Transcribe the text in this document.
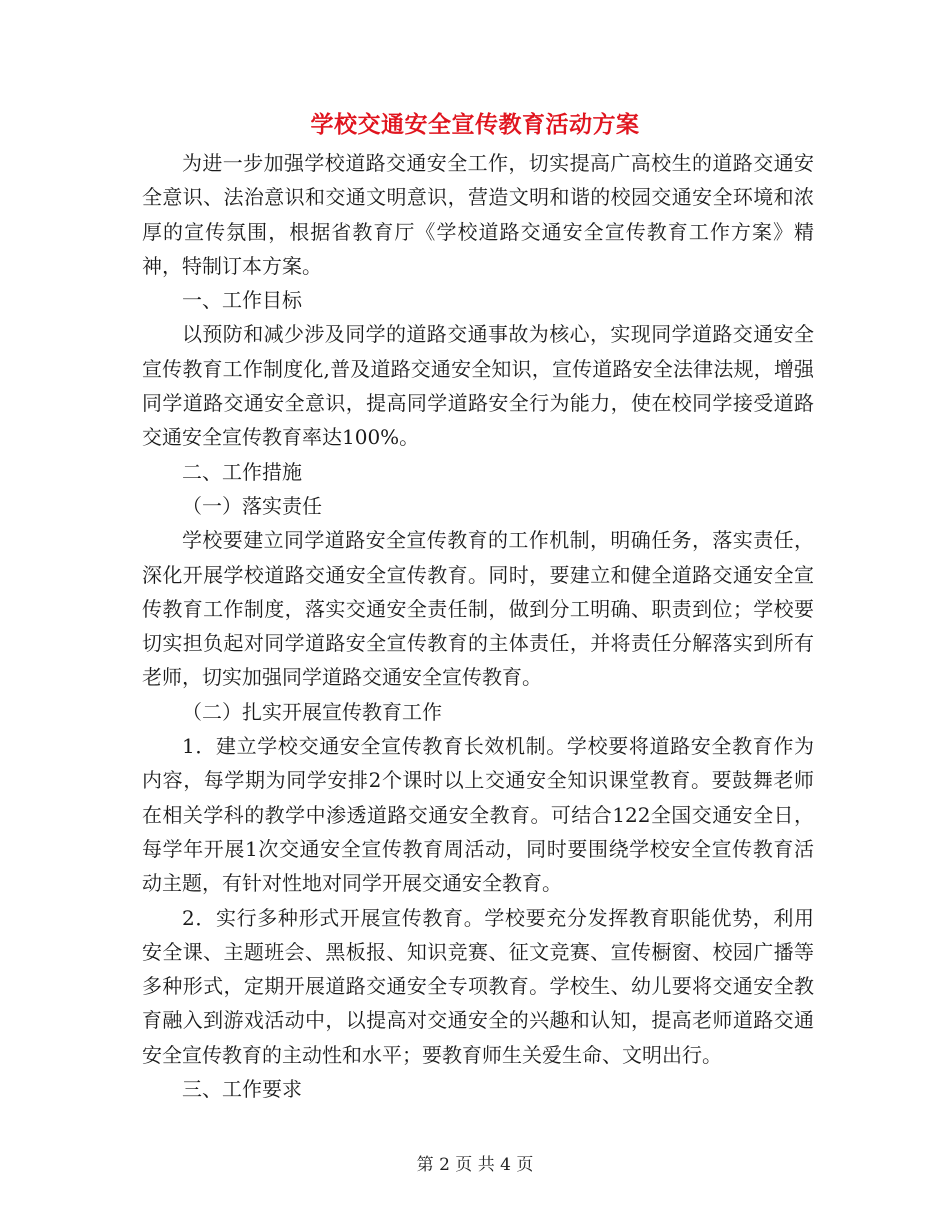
学校交通安全宣传教育活动方案

为进一步加强学校道路交通安全工作，切实提高广高校生的道路交通安全意识、法治意识和交通文明意识，营造文明和谐的校园交通安全环境和浓厚的宣传氛围，根据省教育厅《学校道路交通安全宣传教育工作方案》精神，特制订本方案。

一、工作目标

以预防和减少涉及同学的道路交通事故为核心，实现同学道路交通安全宣传教育工作制度化,普及道路交通安全知识，宣传道路安全法律法规，增强同学道路交通安全意识，提高同学道路安全行为能力，使在校同学接受道路交通安全宣传教育率达100%。

二、工作措施

（一）落实责任

学校要建立同学道路安全宣传教育的工作机制，明确任务，落实责任，深化开展学校道路交通安全宣传教育。同时，要建立和健全道路交通安全宣传教育工作制度，落实交通安全责任制，做到分工明确、职责到位；学校要切实担负起对同学道路安全宣传教育的主体责任，并将责任分解落实到所有老师，切实加强同学道路交通安全宣传教育。

（二）扎实开展宣传教育工作

1．建立学校交通安全宣传教育长效机制。学校要将道路安全教育作为内容，每学期为同学安排2个课时以上交通安全知识课堂教育。要鼓舞老师在相关学科的教学中渗透道路交通安全教育。可结合122全国交通安全日，每学年开展1次交通安全宣传教育周活动，同时要围绕学校安全宣传教育活动主题，有针对性地对同学开展交通安全教育。

2．实行多种形式开展宣传教育。学校要充分发挥教育职能优势，利用安全课、主题班会、黑板报、知识竞赛、征文竞赛、宣传橱窗、校园广播等多种形式，定期开展道路交通安全专项教育。学校生、幼儿要将交通安全教育融入到游戏活动中，以提高对交通安全的兴趣和认知，提高老师道路交通安全宣传教育的主动性和水平；要教育师生关爱生命、文明出行。

三、工作要求

第 2 页 共 4 页
